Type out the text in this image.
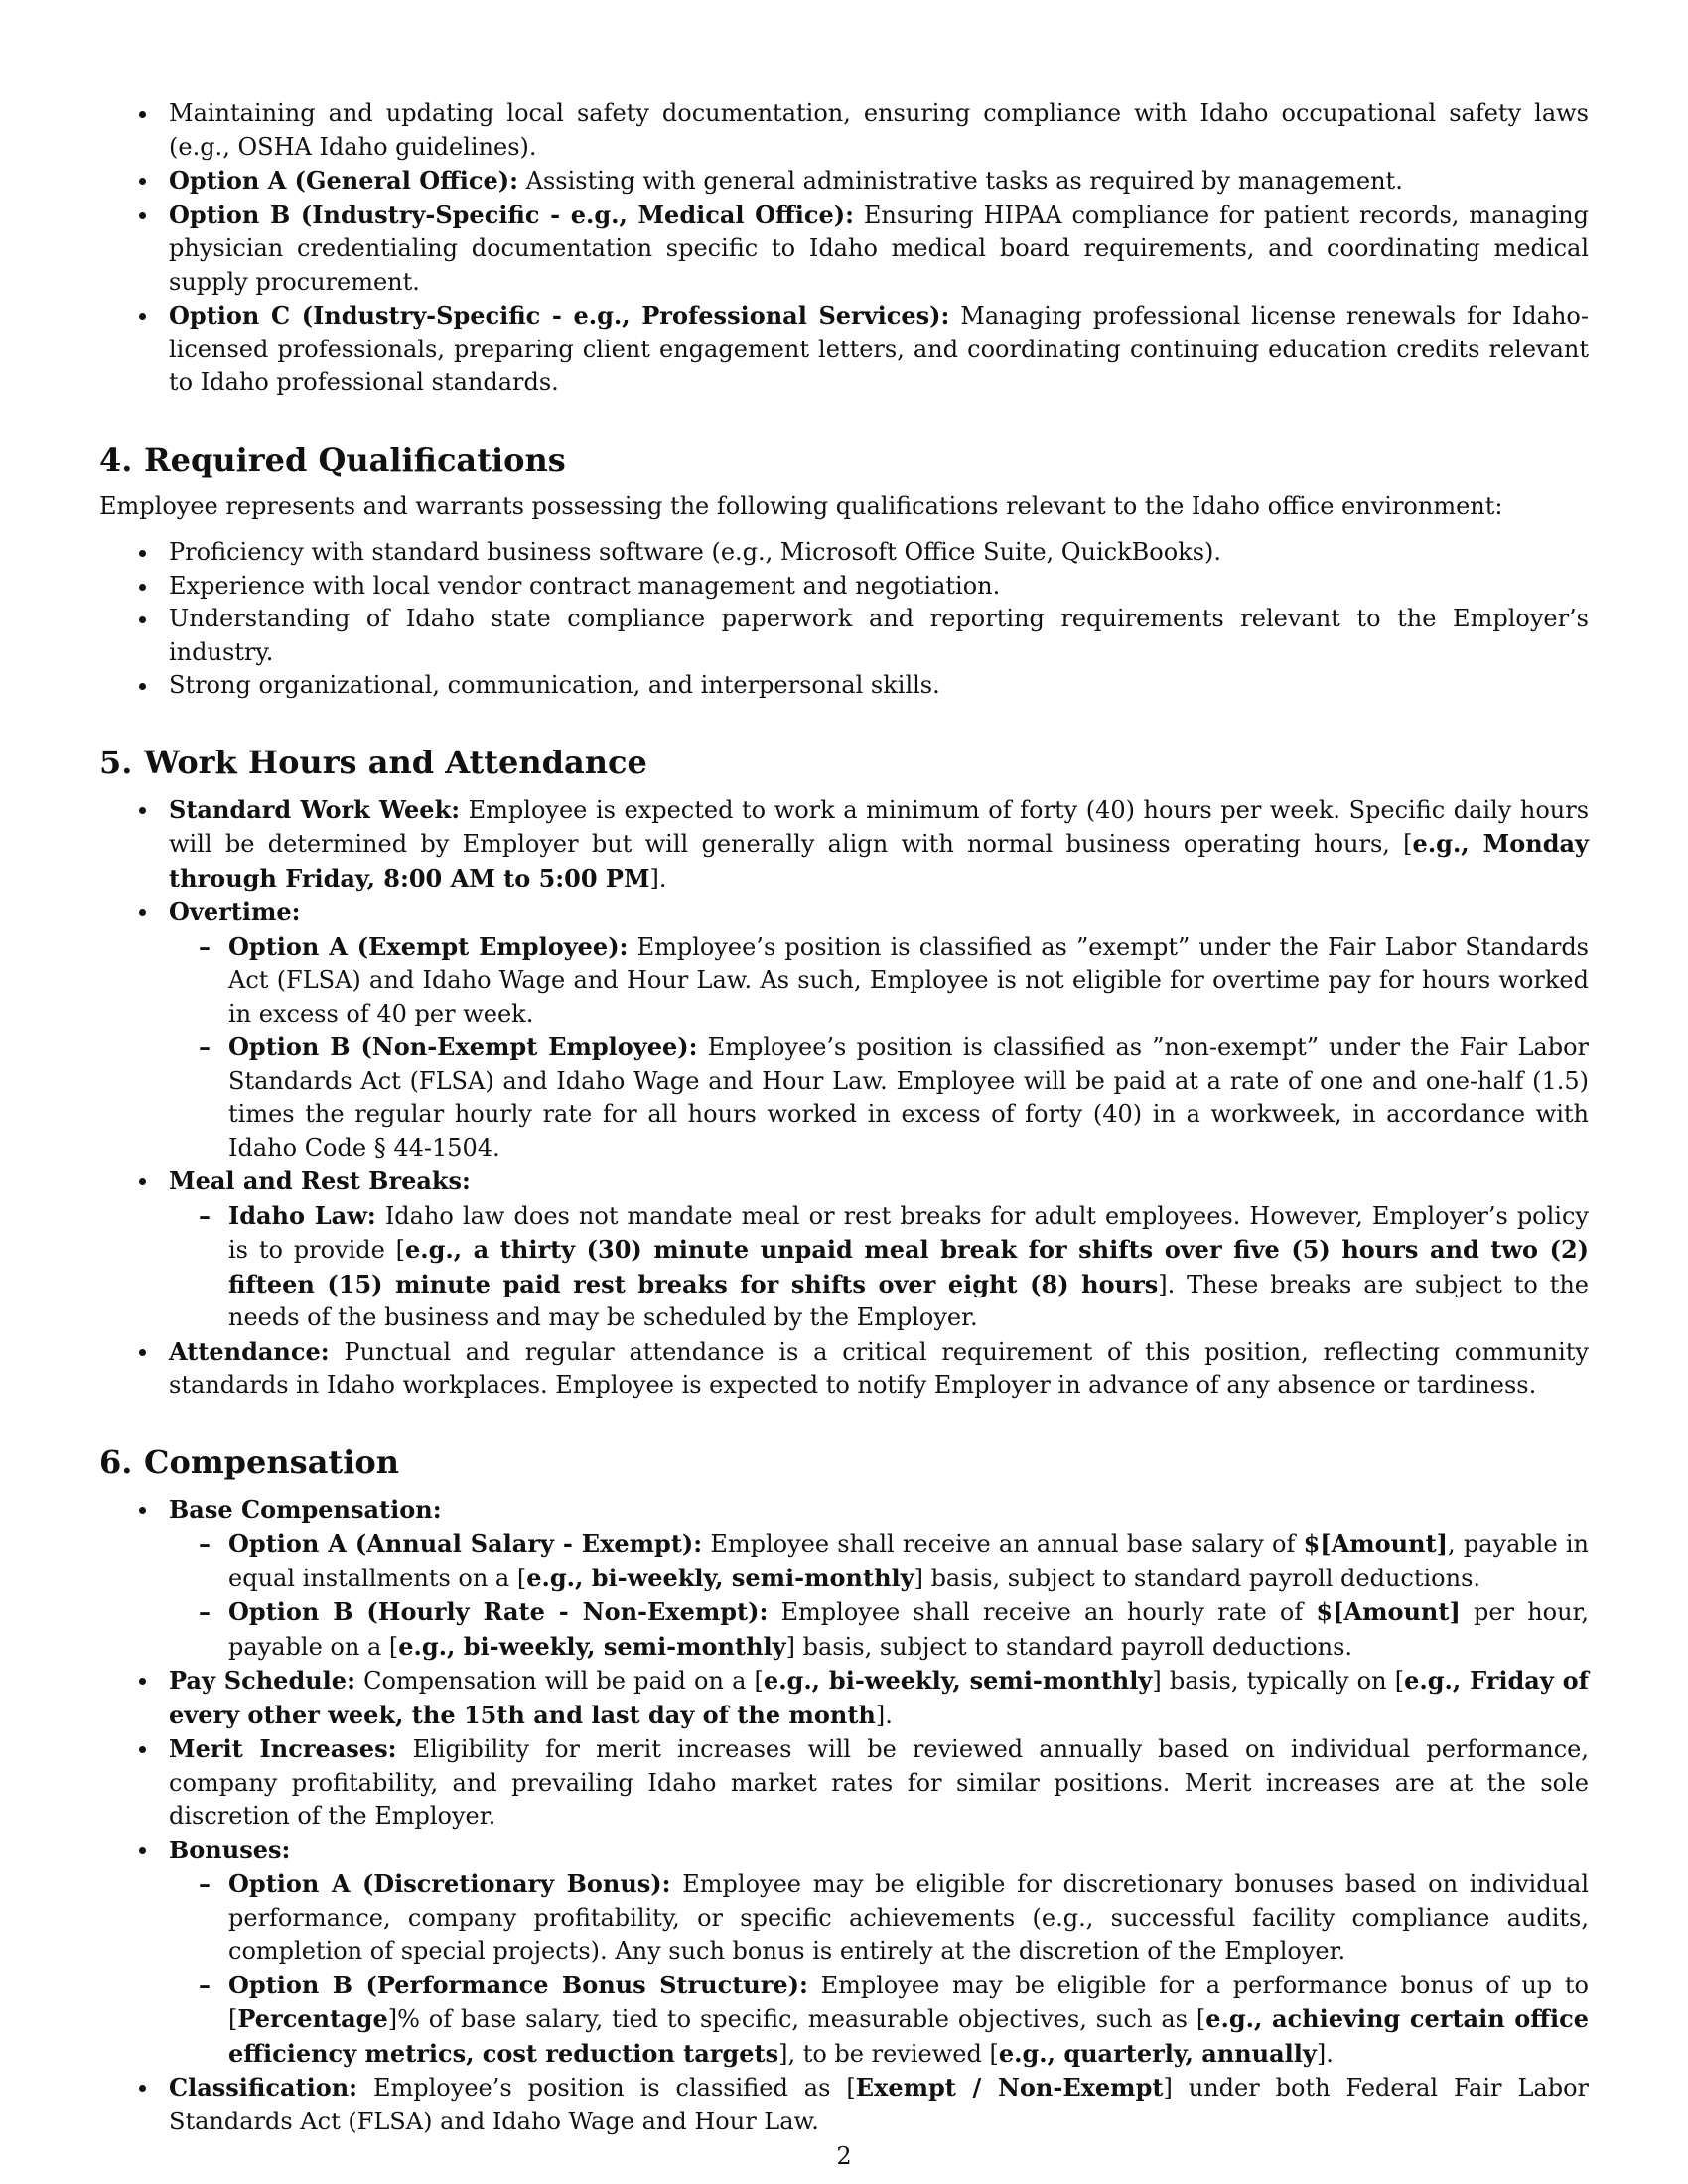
Maintaining and updating local safety documentation, ensuring compliance with Idaho occupational safety laws (e.g., OSHA Idaho guidelines).
Option A (General Office): Assisting with general administrative tasks as required by management.
Option B (Industry-Specific - e.g., Medical Office): Ensuring HIPAA compliance for patient records, managing physician credentialing documentation specific to Idaho medical board requirements, and coordinating medical supply procurement.
Option C (Industry-Specific - e.g., Professional Services): Managing professional license renewals for Idaho-licensed professionals, preparing client engagement letters, and coordinating continuing education credits relevant to Idaho professional standards.
4. Required Qualifications
Employee represents and warrants possessing the following qualifications relevant to the Idaho office environment:
Proficiency with standard business software (e.g., Microsoft Office Suite, QuickBooks).
Experience with local vendor contract management and negotiation.
Understanding of Idaho state compliance paperwork and reporting requirements relevant to the Employer’s industry.
Strong organizational, communication, and interpersonal skills.
5. Work Hours and Attendance
Standard Work Week: Employee is expected to work a minimum of forty (40) hours per week. Specific daily hours will be determined by Employer but will generally align with normal business operating hours, [e.g., Monday through Friday, 8:00 AM to 5:00 PM].
Overtime:
– Option A (Exempt Employee): Employee’s position is classified as ”exempt” under the Fair Labor Standards Act (FLSA) and Idaho Wage and Hour Law. As such, Employee is not eligible for overtime pay for hours worked in excess of 40 per week.
– Option B (Non-Exempt Employee): Employee’s position is classified as ”non-exempt” under the Fair Labor Standards Act (FLSA) and Idaho Wage and Hour Law. Employee will be paid at a rate of one and one-half (1.5) times the regular hourly rate for all hours worked in excess of forty (40) in a workweek, in accordance with Idaho Code § 44-1504.
Meal and Rest Breaks:
– Idaho Law: Idaho law does not mandate meal or rest breaks for adult employees. However, Employer’s policy is to provide [e.g., a thirty (30) minute unpaid meal break for shifts over five (5) hours and two (2) fifteen (15) minute paid rest breaks for shifts over eight (8) hours]. These breaks are subject to the needs of the business and may be scheduled by the Employer.
Attendance: Punctual and regular attendance is a critical requirement of this position, reflecting community standards in Idaho workplaces. Employee is expected to notify Employer in advance of any absence or tardiness.
6. Compensation
Base Compensation:
– Option A (Annual Salary - Exempt): Employee shall receive an annual base salary of $[Amount], payable in equal installments on a [e.g., bi-weekly, semi-monthly] basis, subject to standard payroll deductions.
– Option B (Hourly Rate - Non-Exempt): Employee shall receive an hourly rate of $[Amount] per hour, payable on a [e.g., bi-weekly, semi-monthly] basis, subject to standard payroll deductions.
Pay Schedule: Compensation will be paid on a [e.g., bi-weekly, semi-monthly] basis, typically on [e.g., Friday of every other week, the 15th and last day of the month].
Merit Increases: Eligibility for merit increases will be reviewed annually based on individual performance, company profitability, and prevailing Idaho market rates for similar positions. Merit increases are at the sole discretion of the Employer.
Bonuses:
– Option A (Discretionary Bonus): Employee may be eligible for discretionary bonuses based on individual performance, company profitability, or specific achievements (e.g., successful facility compliance audits, completion of special projects). Any such bonus is entirely at the discretion of the Employer.
– Option B (Performance Bonus Structure): Employee may be eligible for a performance bonus of up to [Percentage]% of base salary, tied to specific, measurable objectives, such as [e.g., achieving certain office efficiency metrics, cost reduction targets], to be reviewed [e.g., quarterly, annually].
Classification: Employee’s position is classified as [Exempt / Non-Exempt] under both Federal Fair Labor Standards Act (FLSA) and Idaho Wage and Hour Law.
2
